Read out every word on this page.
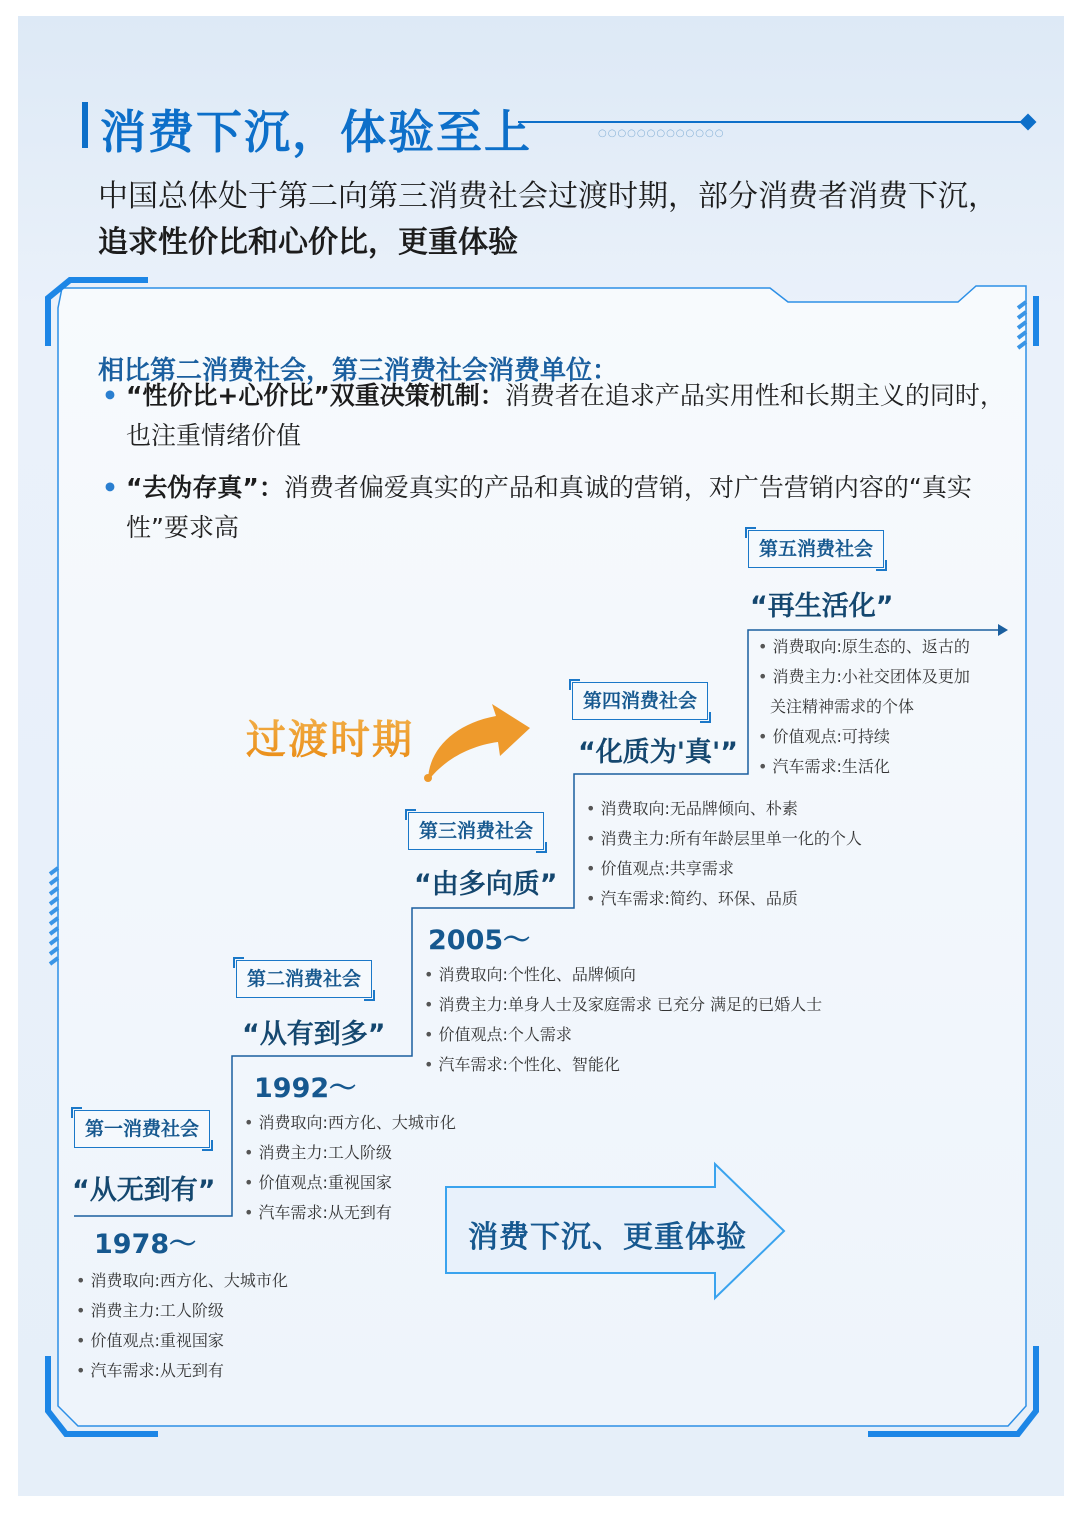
消费下沉，体验至上	○○○○○○○○○○○○○
中国总体处于第二向第三消费社会过渡时期，部分消费者消费下沉，
追求性价比和心价比，更重体验
相比第二消费社会，第三消费社会消费单位：
• “性价比+心价比”双重决策机制：消费者在追求产品实用性和长期主义的同时，也注重情绪价值
• “去伪存真”：消费者偏爱真实的产品和真诚的营销，对广告营销内容的“真实性”要求高
过渡时期
第一消费社会
“从无到有”
1978～
• 消费取向:西方化、大城市化
• 消费主力:工人阶级
• 价值观点:重视国家
• 汽车需求:从无到有
第二消费社会
“从有到多”
1992～
• 消费取向:西方化、大城市化
• 消费主力:工人阶级
• 价值观点:重视国家
• 汽车需求:从无到有
第三消费社会
“由多向质”
2005～
• 消费取向:个性化、品牌倾向
• 消费主力:单身人士及家庭需求 已充分 满足的已婚人士
• 价值观点:个人需求
• 汽车需求:个性化、智能化
第四消费社会
“化质为'真'”
• 消费取向:无品牌倾向、朴素
• 消费主力:所有年龄层里单一化的个人
• 价值观点:共享需求
• 汽车需求:简约、环保、品质
第五消费社会
“再生活化”
• 消费取向:原生态的、返古的
• 消费主力:小社交团体及更加
关注精神需求的个体
• 价值观点:可持续
• 汽车需求:生活化
消费下沉、更重体验
